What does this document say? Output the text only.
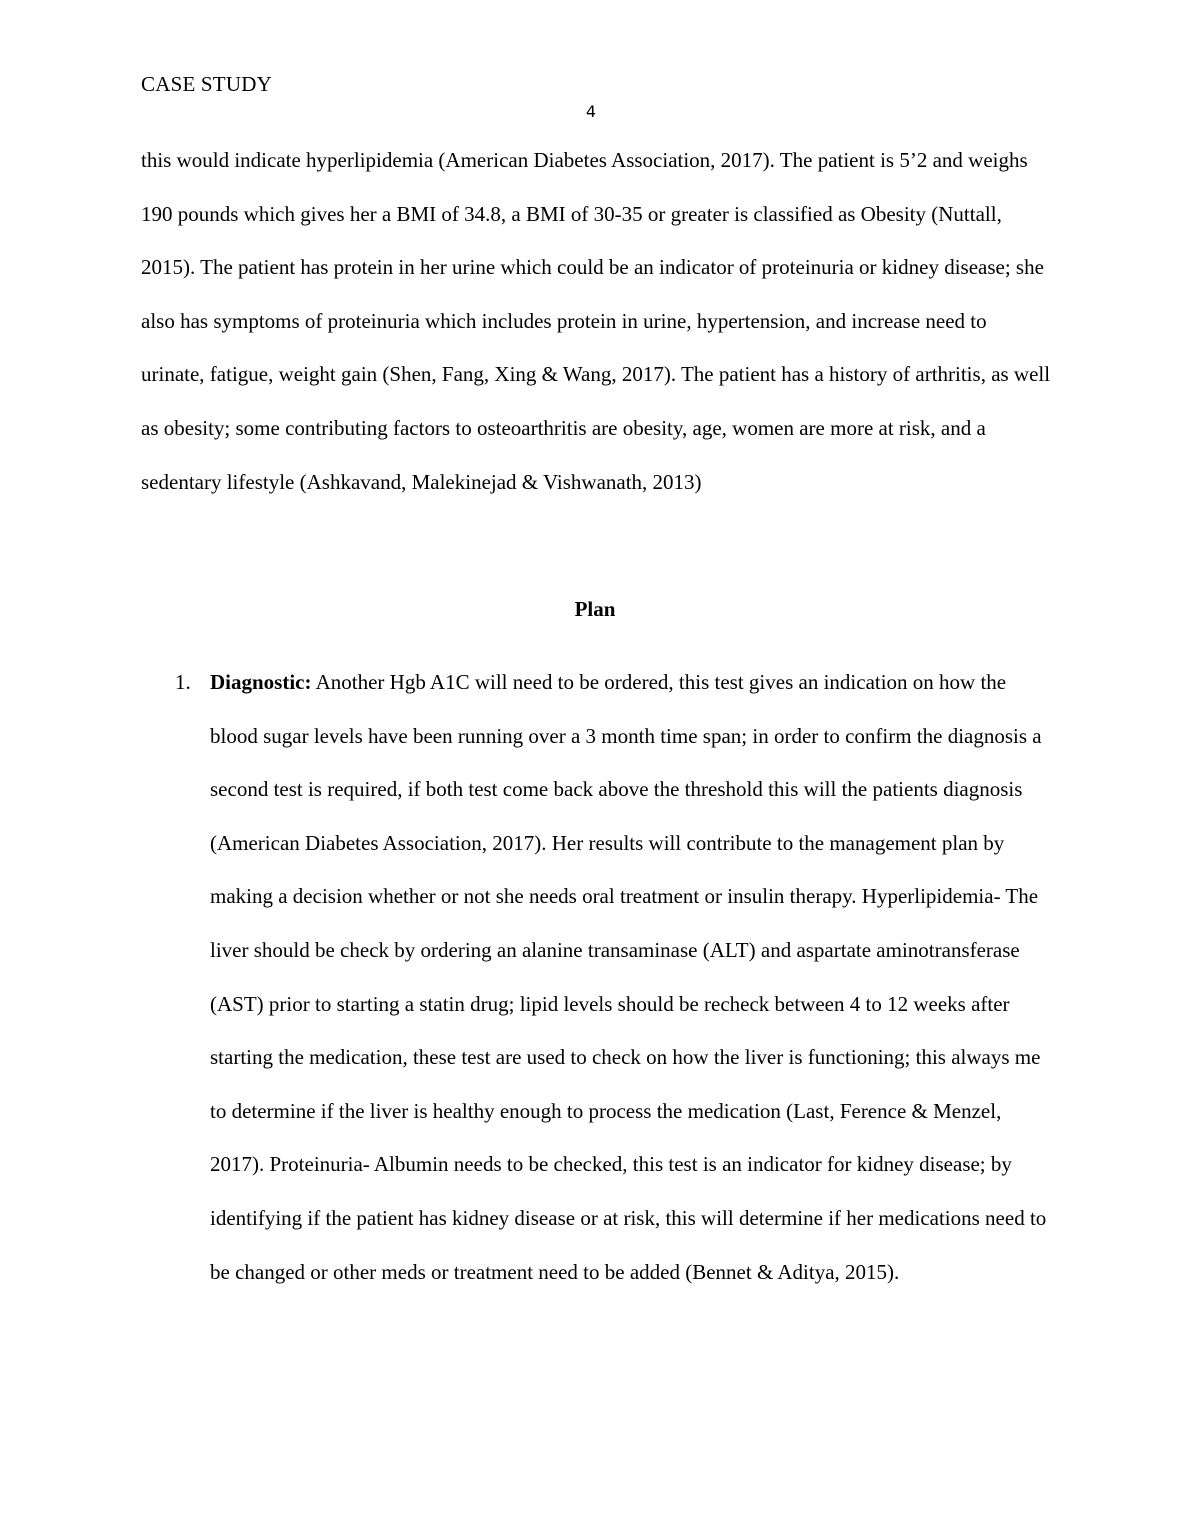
CASE STUDY
4

this would indicate hyperlipidemia (American Diabetes Association, 2017). The patient is 5’2 and weighs 190 pounds which gives her a BMI of 34.8, a BMI of 30-35 or greater is classified as Obesity (Nuttall, 2015). The patient has protein in her urine which could be an indicator of proteinuria or kidney disease; she also has symptoms of proteinuria which includes protein in urine, hypertension, and increase need to urinate, fatigue, weight gain (Shen, Fang, Xing & Wang, 2017). The patient has a history of arthritis, as well as obesity; some contributing factors to osteoarthritis are obesity, age, women are more at risk, and a sedentary lifestyle (Ashkavand, Malekinejad & Vishwanath, 2013)

Plan
1. Diagnostic: Another Hgb A1C will need to be ordered, this test gives an indication on how the blood sugar levels have been running over a 3 month time span; in order to confirm the diagnosis a second test is required, if both test come back above the threshold this will the patients diagnosis (American Diabetes Association, 2017). Her results will contribute to the management plan by making a decision whether or not she needs oral treatment or insulin therapy. Hyperlipidemia- The liver should be check by ordering an alanine transaminase (ALT) and aspartate aminotransferase (AST) prior to starting a statin drug; lipid levels should be recheck between 4 to 12 weeks after starting the medication, these test are used to check on how the liver is functioning; this always me to determine if the liver is healthy enough to process the medication (Last, Ference & Menzel, 2017). Proteinuria- Albumin needs to be checked, this test is an indicator for kidney disease; by identifying if the patient has kidney disease or at risk, this will determine if her medications need to be changed or other meds or treatment need to be added (Bennet & Aditya, 2015).
